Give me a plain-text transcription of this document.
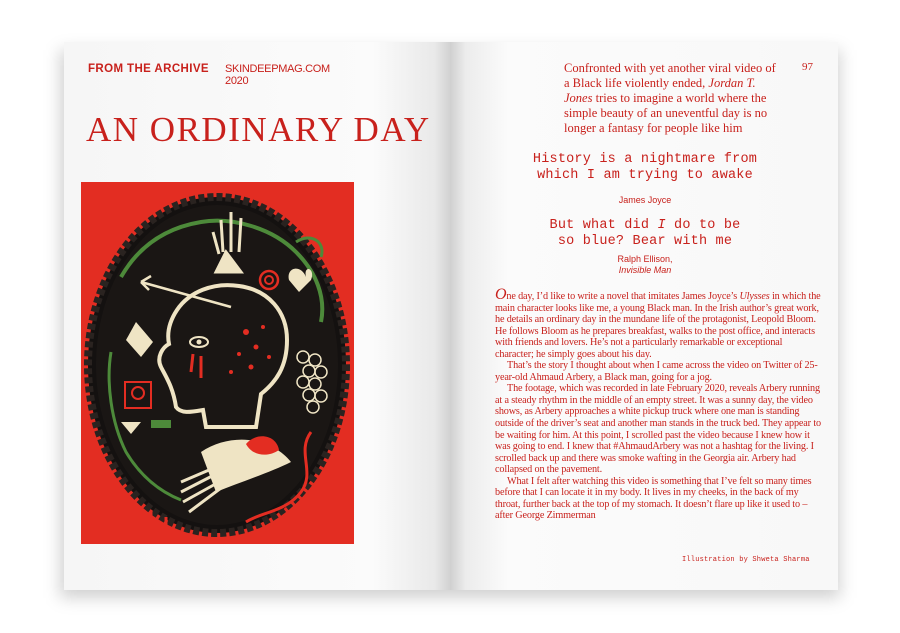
FROM THE ARCHIVE SKINDEEPMAG.COM
2020
AN ORDINARY DAY
97
Confronted with yet another viral video of a Black life violently ended, Jordan T. Jones tries to imagine a world where the simple beauty of an uneventful day is no longer a fantasy for people like him
History is a nightmare from
which I am trying to awake
James Joyce
But what did I do to be
so blue? Bear with me
Ralph Ellison,
Invisible Man

One day, I’d like to write a novel that imitates James Joyce’s Ulysses in which the main character looks like me, a young Black man. In the Irish author’s great work, he details an ordinary day in the mundane life of the protagonist, Leopold Bloom. He follows Bloom as he prepares breakfast, walks to the post office, and interacts with friends and lovers. He’s not a particularly remarkable or exceptional character; he simply goes about his day.

That’s the story I thought about when I came across the video on Twitter of 25-year-old Ahmaud Arbery, a Black man, going for a jog.

The footage, which was recorded in late February 2020, reveals Arbery running at a steady rhythm in the middle of an empty street. It was a sunny day, the video shows, as Arbery approaches a white pickup truck where one man is standing outside of the driver’s seat and another man stands in the truck bed. They appear to be waiting for him. At this point, I scrolled past the video because I knew how it was going to end. I knew that #AhmaudArbery was not a hashtag for the living. I scrolled back up and there was smoke wafting in the Georgia air. Arbery had collapsed on the pavement.

What I felt after watching this video is something that I’ve felt so many times before that I can locate it in my body. It lives in my cheeks, in the back of my throat, further back at the top of my stomach. It doesn’t flare up like it used to – after George Zimmerman

Illustration by Shweta Sharma
